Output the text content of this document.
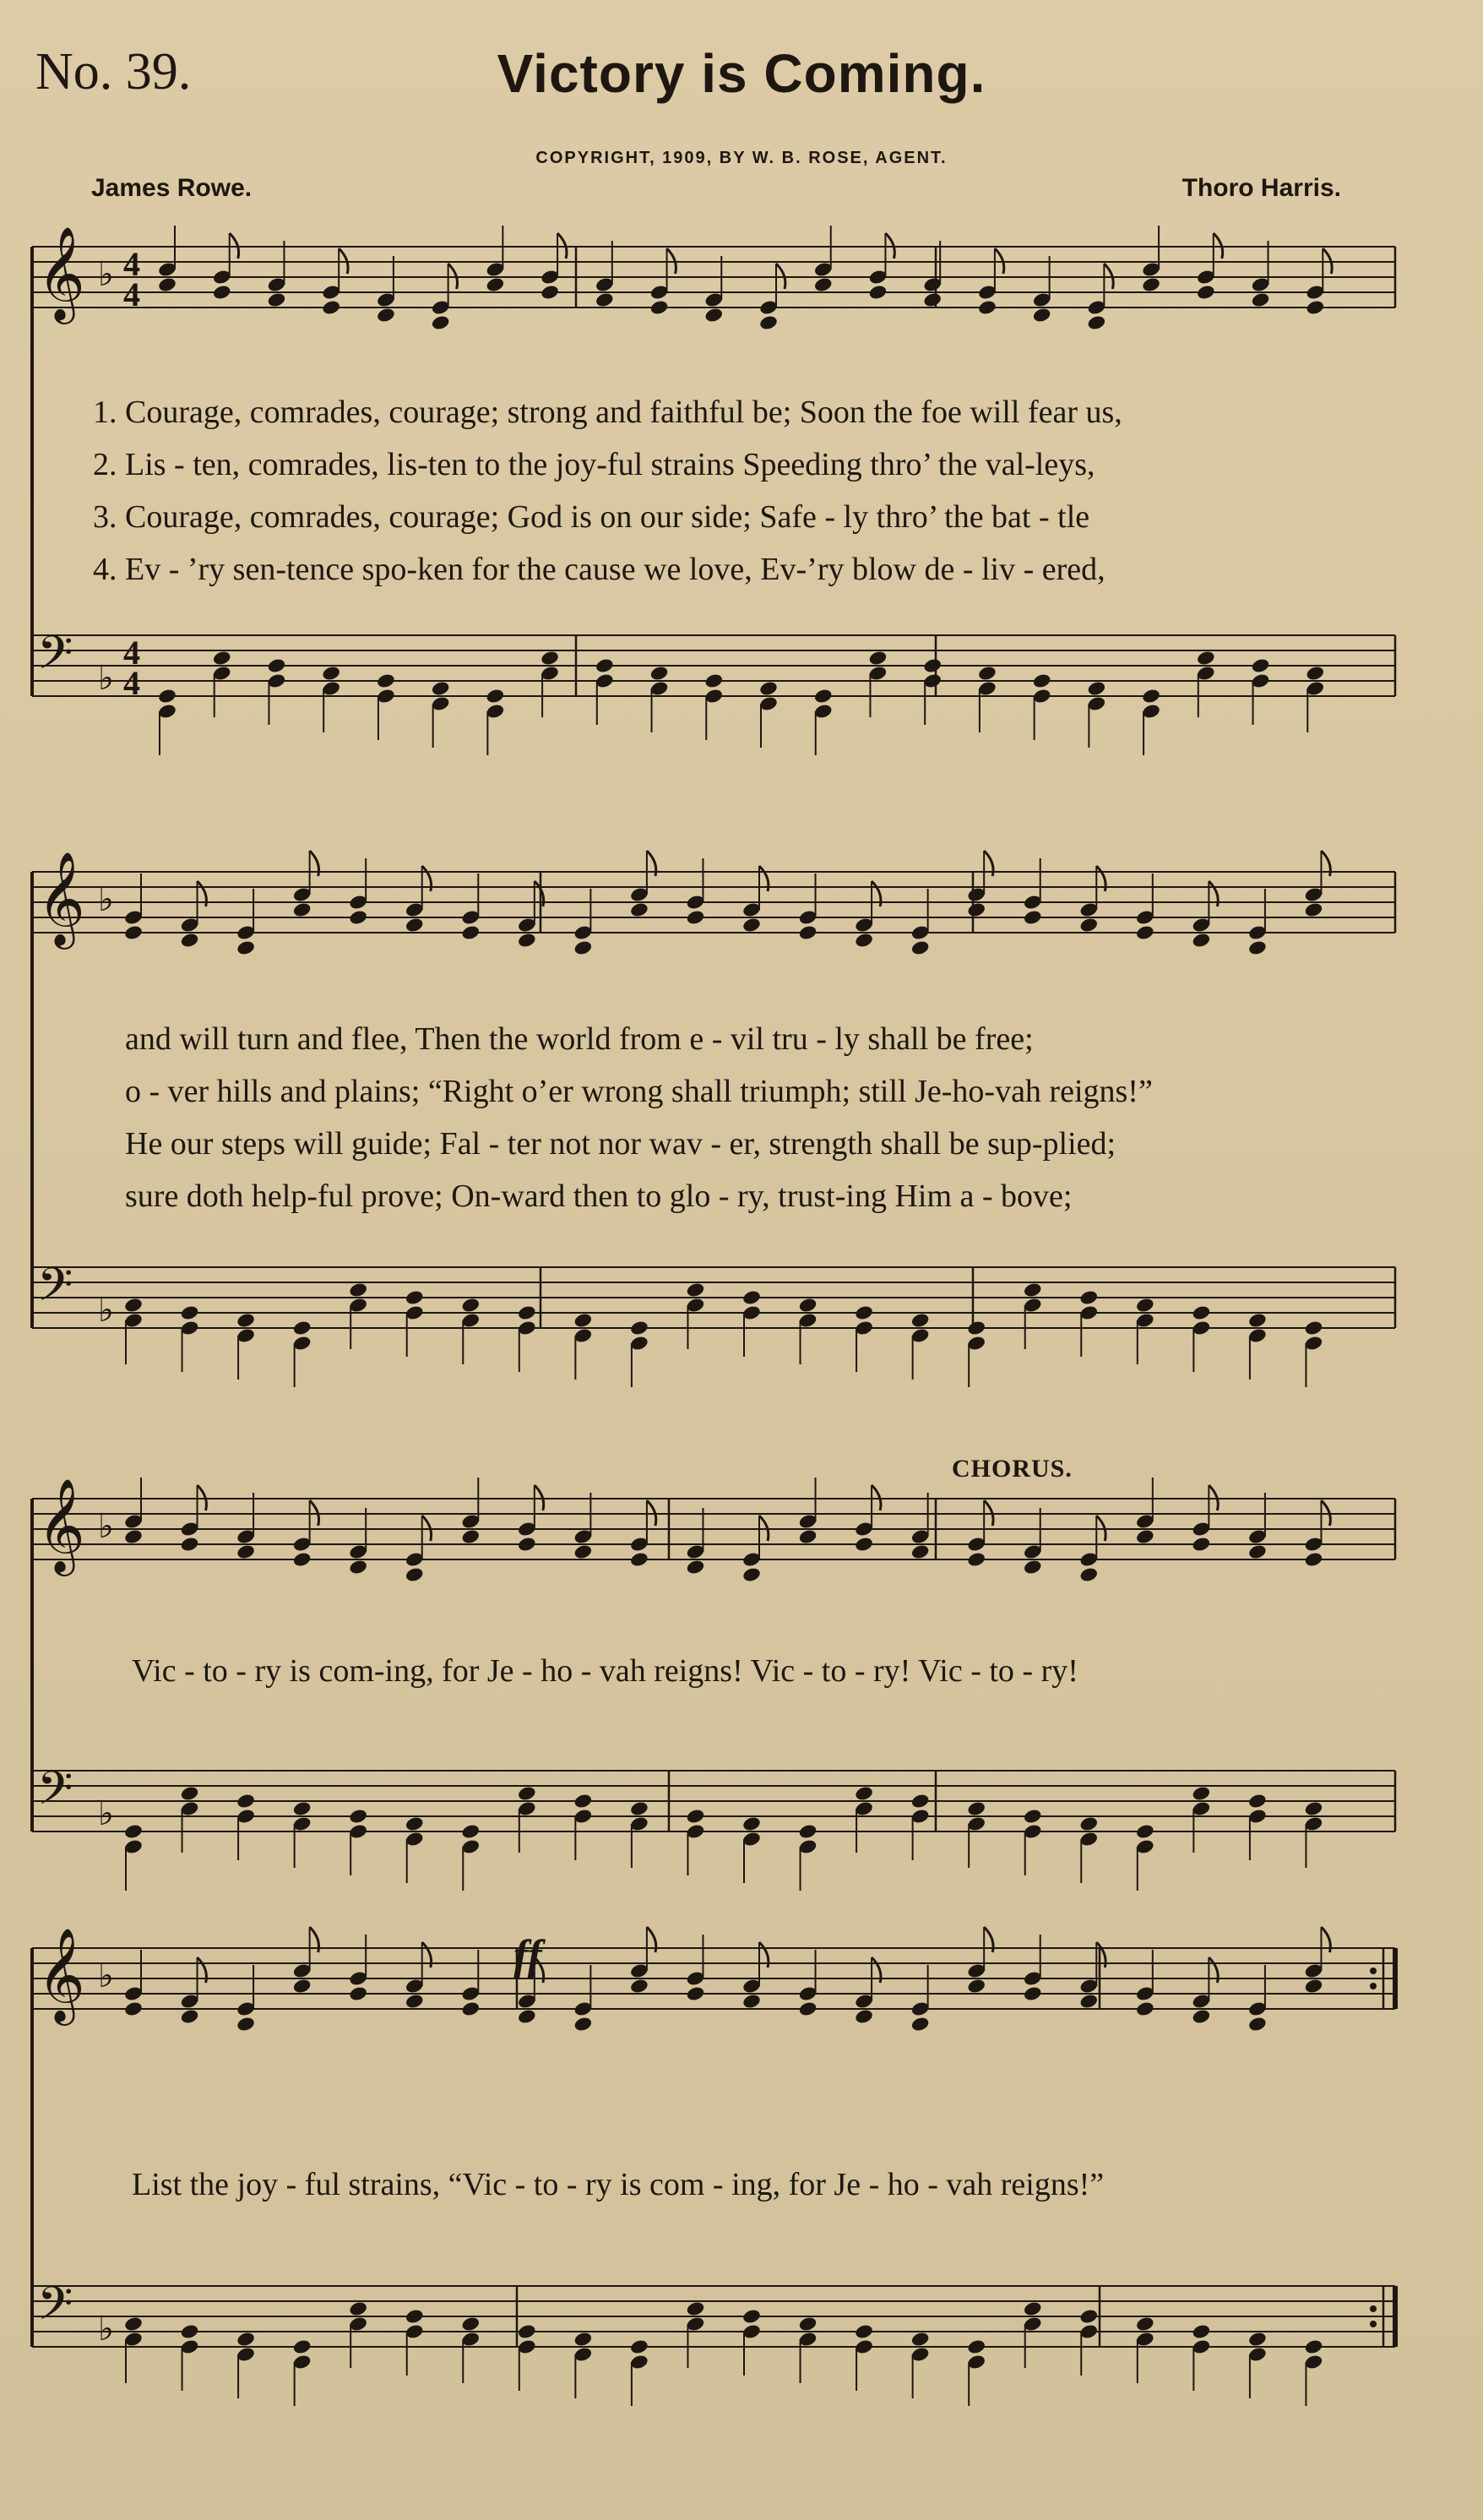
No. 39.	Victory is Coming.
COPYRIGHT, 1909, BY W. B. ROSE, AGENT.
James Rowe.	Thoro Harris.
𝄞 ♭ 4
4
𝄢 ♭
4
4
𝄞 ♭
𝄢 ♭
𝄞 ♭
𝄢 ♭
𝄞 ♭
𝄢 ♭
1. Courage, comrades, courage; strong and faithful be; Soon the foe will fear us,
2. Lis - ten, comrades, lis-ten to the joy-ful strains Speeding thro’ the val-leys,
3. Courage, comrades, courage; God is on our side; Safe - ly thro’ the bat - tle
4. Ev - ’ry sen-tence spo-ken for the cause we love, Ev-’ry blow de - liv - ered,
and will turn and flee, Then the world from e - vil tru - ly shall be free;
o - ver hills and plains; “Right o’er wrong shall triumph; still Je-ho-vah reigns!”
He our steps will guide; Fal - ter not nor wav - er, strength shall be sup-plied;
sure doth help-ful prove; On-ward then to glo - ry, trust-ing Him a - bove;
CHORUS.
Vic - to - ry is com-ing, for Je - ho - vah reigns! Vic - to - ry! Vic - to - ry!
ff
List the joy - ful strains, “Vic - to - ry is com - ing, for Je - ho - vah reigns!”
